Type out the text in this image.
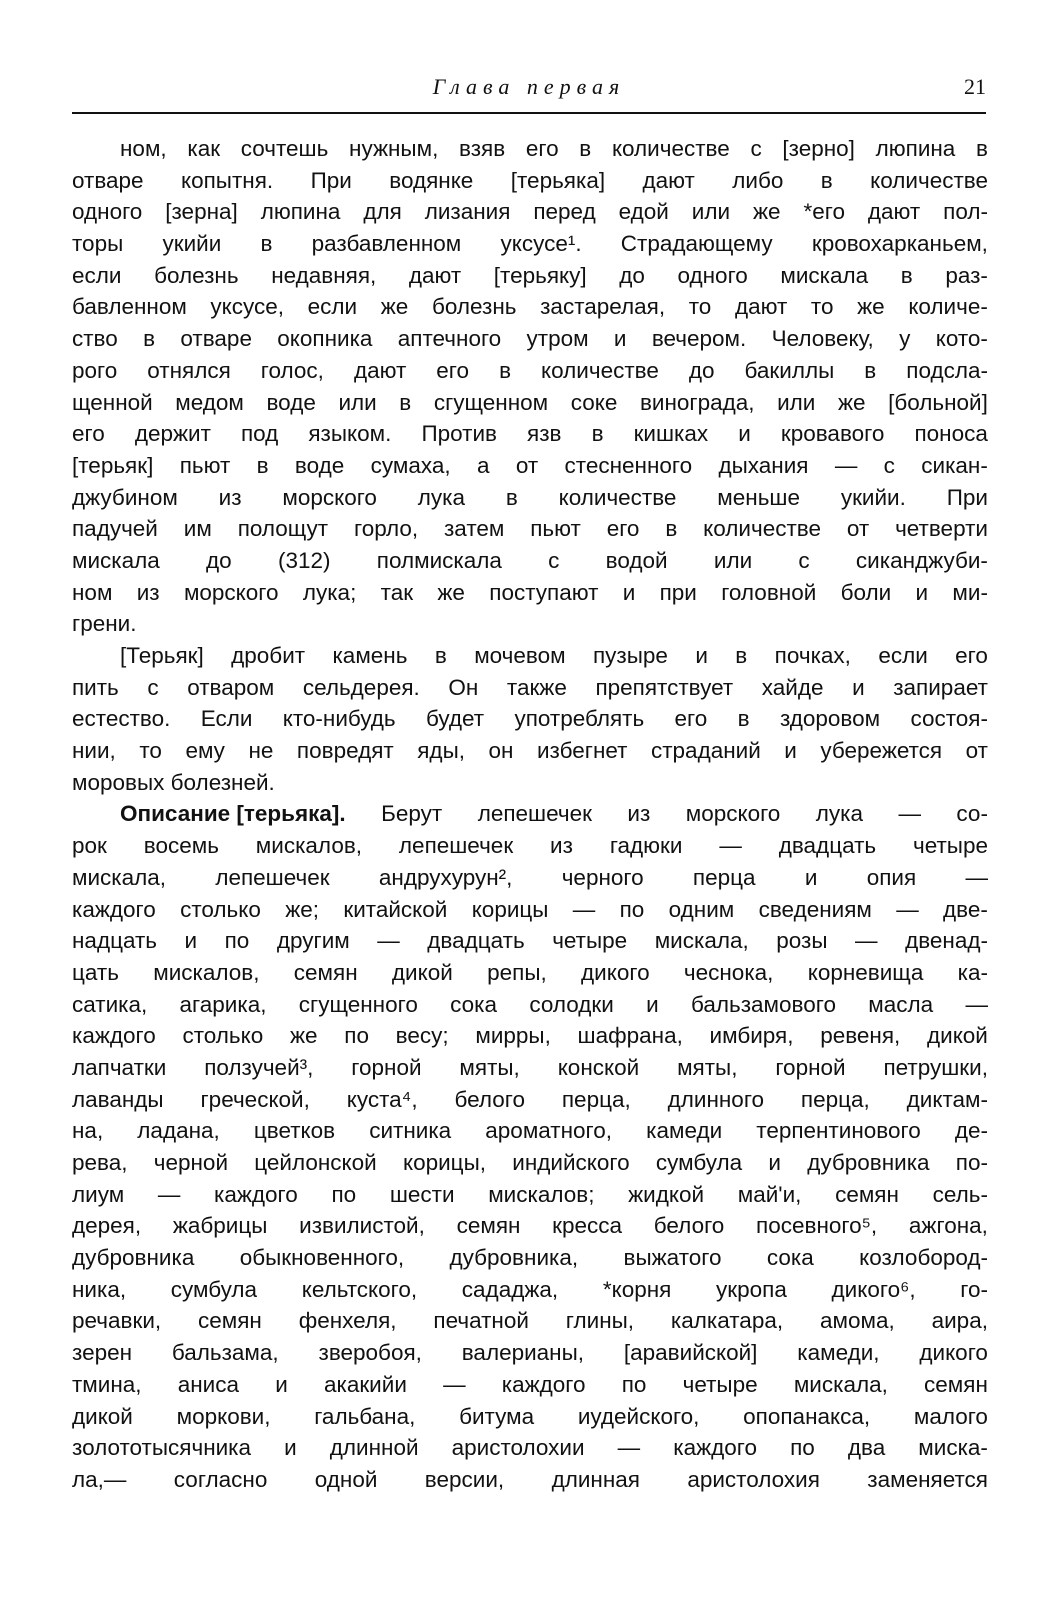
Глава первая	21
ном, как сочтешь нужным, взяв его в количестве с [зерно] люпина в
отваре копытня. При водянке [терьяка] дают либо в количестве
одного [зерна] люпина для лизания перед едой или же *его дают пол-
торы укийи в разбавленном уксусе¹. Страдающему кровохарканьем,
если болезнь недавняя, дают [терьяку] до одного мискала в раз-
бавленном уксусе, если же болезнь застарелая, то дают то же количе-
ство в отваре окопника аптечного утром и вечером. Человеку, у кото-
рого отнялся голос, дают его в количестве до бакиллы в подсла-
щенной медом воде или в сгущенном соке винограда, или же [больной]
его держит под языком. Против язв в кишках и кровавого поноса
[терьяк] пьют в воде сумаха, а от стесненного дыхания — с сикан-
джубином из морского лука в количестве меньше укийи. При
падучей им полощут горло, затем пьют его в количестве от четверти
мискала до (312) полмискала с водой или с сиканджуби-
ном из морского лука; так же поступают и при головной боли и ми-
грени.
[Терьяк] дробит камень в мочевом пузыре и в почках, если его
пить с отваром сельдерея. Он также препятствует хайде и запирает
естество. Если кто-нибудь будет употреблять его в здоровом состоя-
нии, то ему не повредят яды, он избегнет страданий и убережется от
моровых
болезней.
Описание [терьяка]. Берут лепешечек из морского лука — со-
рок восемь мискалов, лепешечек из гадюки — двадцать четыре
мискала, лепешечек андрухурун², черного перца и опия —
каждого столько же; китайской корицы — по одним сведениям — две-
надцать и по другим — двадцать четыре мискала, розы — двенад-
цать мискалов, семян дикой репы, дикого чеснока, корневища ка-
сатика, агарика, сгущенного сока солодки и бальзамового масла —
каждого столько же по весу; мирры, шафрана, имбиря, ревеня, дикой
лапчатки ползучей³, горной мяты, конской мяты, горной петрушки,
лаванды греческой, куста⁴, белого перца, длинного перца, диктам-
на, ладана, цветков ситника ароматного, камеди терпентинового де-
рева, черной цейлонской корицы, индийского сумбула и дубровника по-
лиум — каждого по шести мискалов; жидкой май'и, семян сель-
дерея, жабрицы извилистой, семян кресса белого посевного⁵, ажгона,
дубровника обыкновенного, дубровника, выжатого сока козлобород-
ника, сумбула кельтского, сададжа, *корня укропа дикого⁶, го-
речавки, семян фенхеля, печатной глины, калкатара, амома, аира,
зерен бальзама, зверобоя, валерианы, [аравийской] камеди, дикого
тмина, аниса и акакийи — каждого по четыре мискала, семян
дикой моркови, гальбана, битума иудейского, опопанакса, малого
золототысячника и длинной аристолохии — каждого по два миска-
ла,— согласно одной версии, длинная аристолохия заменяется
